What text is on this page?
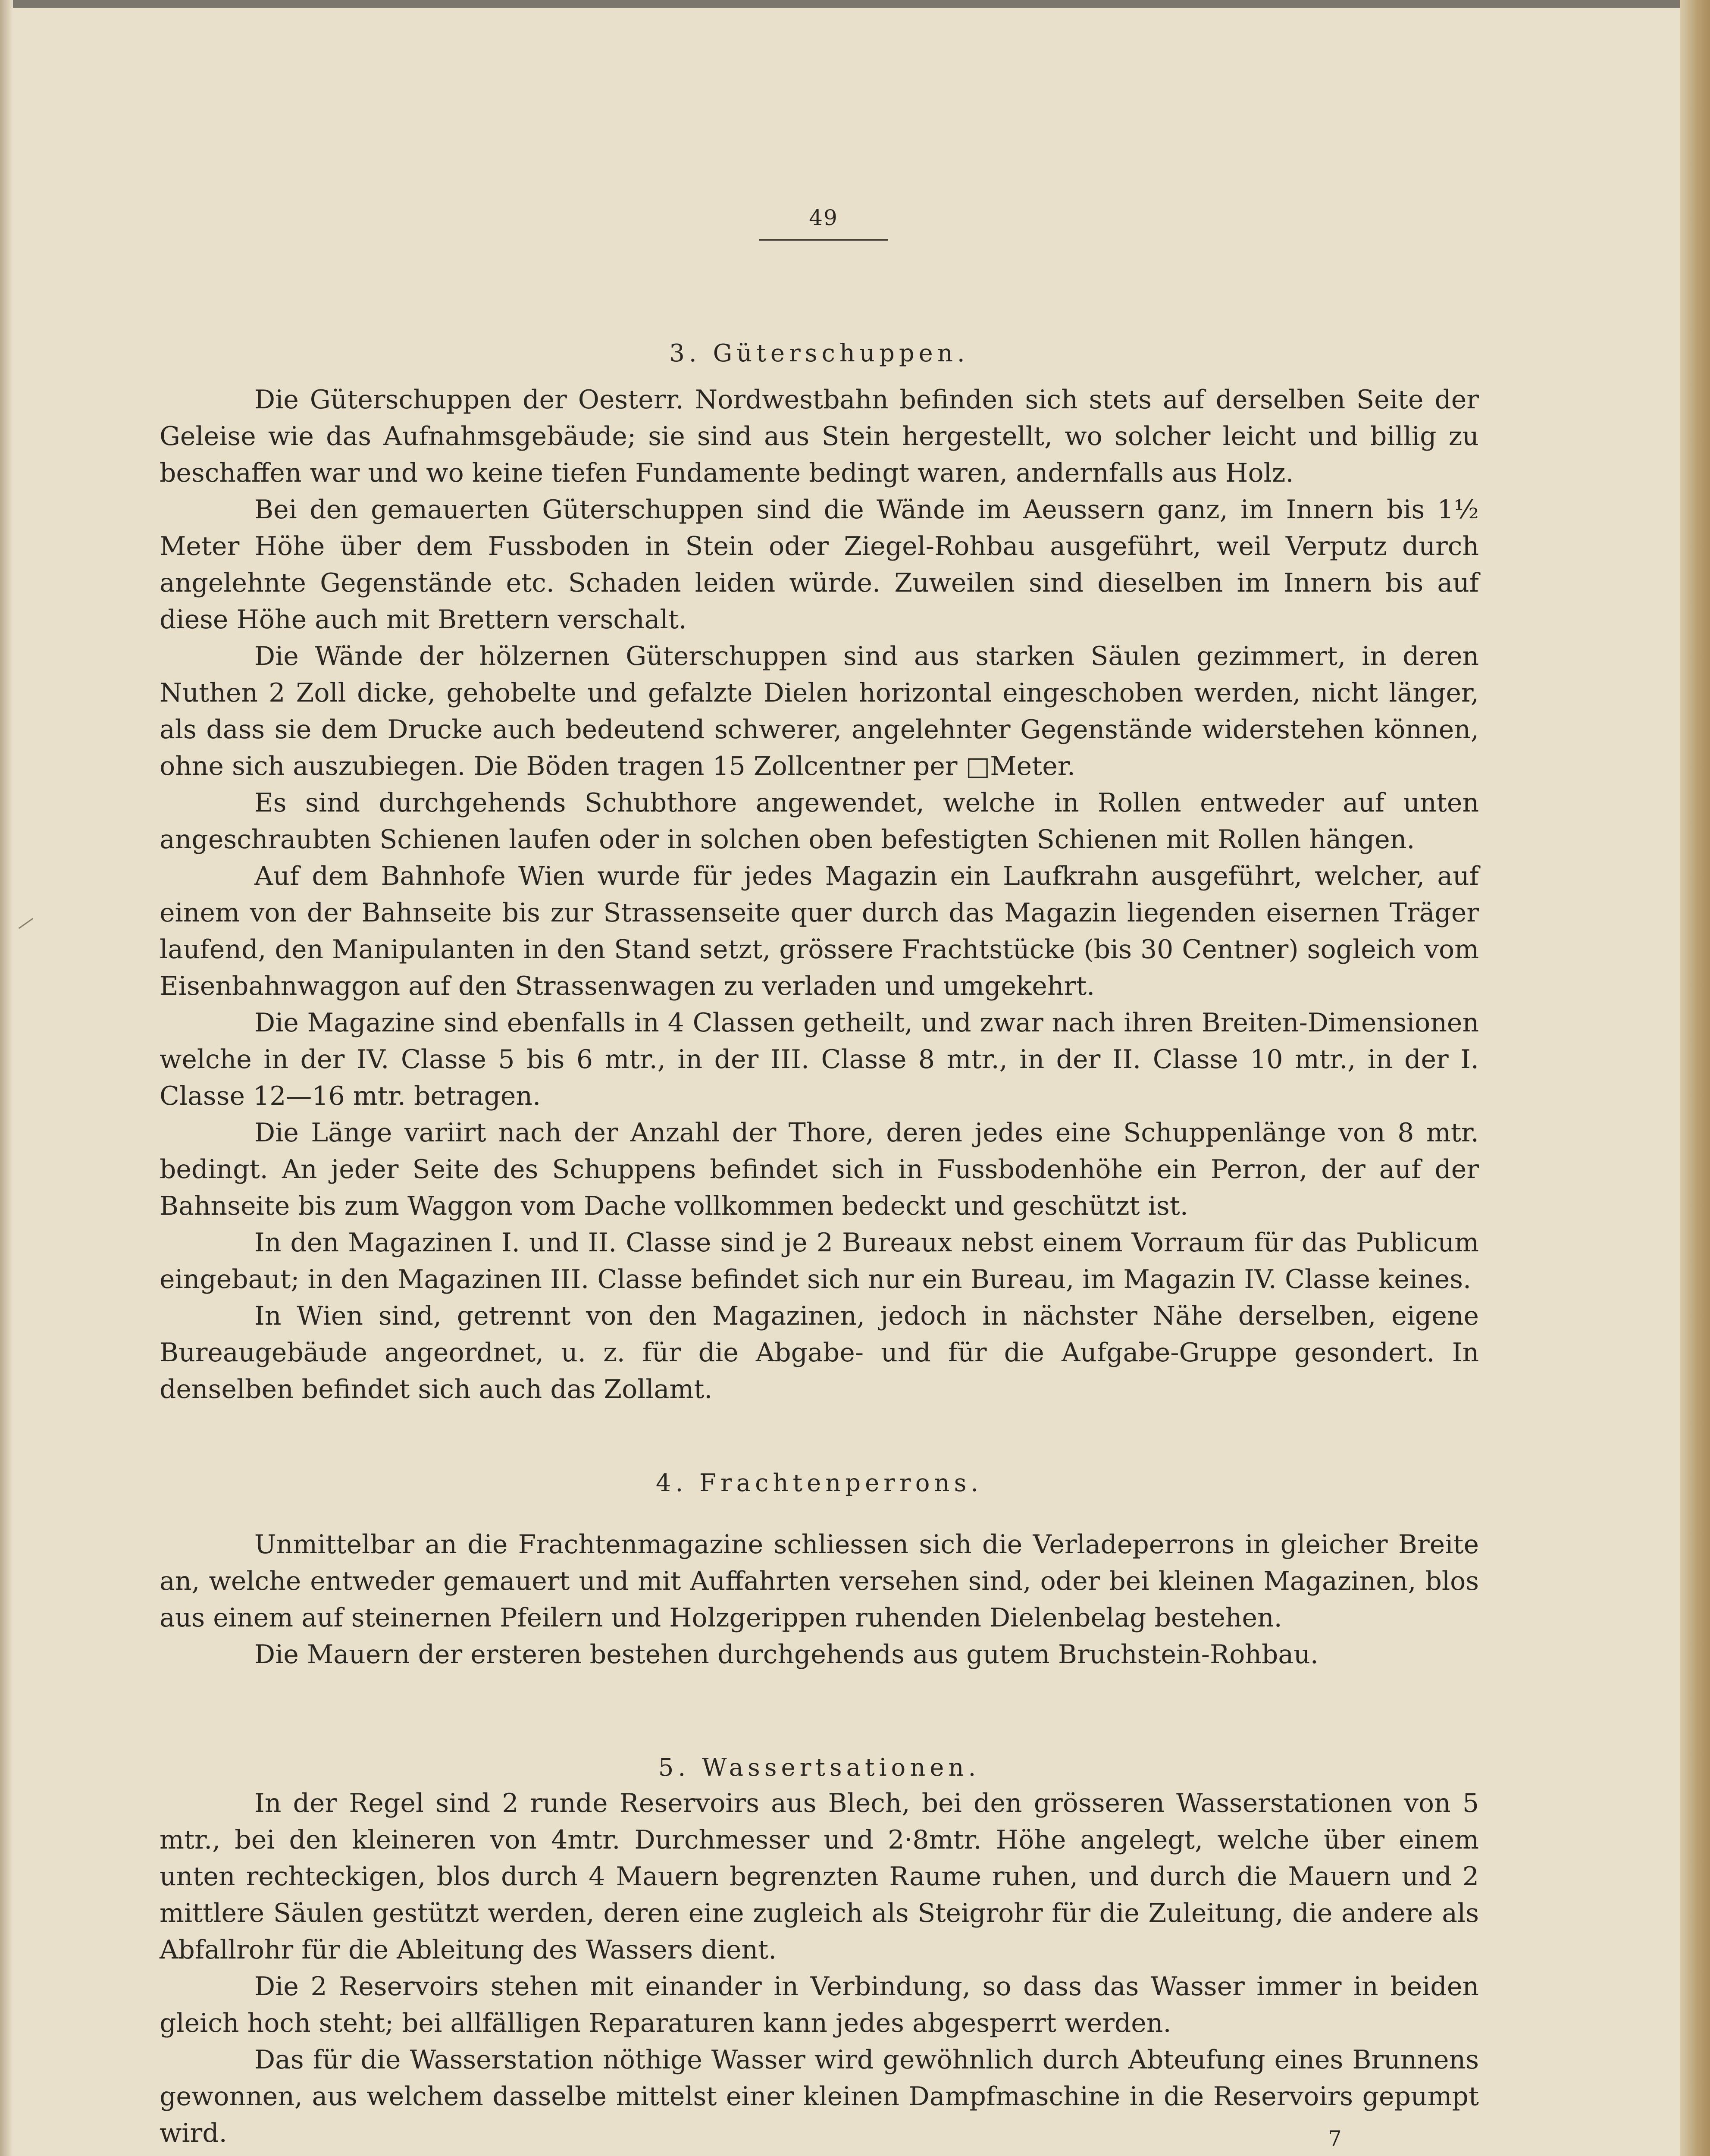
49
3. Güterschuppen.

Die Güterschuppen der Oesterr. Nordwestbahn befinden sich stets auf derselben Seite der Geleise wie das Aufnahmsgebäude; sie sind aus Stein hergestellt, wo solcher leicht und billig zu beschaffen war und wo keine tiefen Fundamente bedingt waren, andernfalls aus Holz.

Bei den gemauerten Güterschuppen sind die Wände im Aeussern ganz, im Innern bis 1½ Meter Höhe über dem Fussboden in Stein oder Ziegel-Rohbau ausgeführt, weil Verputz durch angelehnte Gegenstände etc. Schaden leiden würde. Zuweilen sind dieselben im Innern bis auf diese Höhe auch mit Brettern verschalt.

Die Wände der hölzernen Güterschuppen sind aus starken Säulen gezimmert, in deren Nuthen 2 Zoll dicke, gehobelte und gefalzte Dielen horizontal eingeschoben werden, nicht länger, als dass sie dem Drucke auch bedeutend schwerer, angelehnter Gegenstände widerstehen können, ohne sich auszubiegen. Die Böden tragen 15 Zollcentner per □Meter.

Es sind durchgehends Schubthore angewendet, welche in Rollen entweder auf unten angeschraubten Schienen laufen oder in solchen oben befestigten Schienen mit Rollen hängen.

Auf dem Bahnhofe Wien wurde für jedes Magazin ein Laufkrahn ausgeführt, welcher, auf einem von der Bahnseite bis zur Strassenseite quer durch das Magazin liegenden eisernen Träger laufend, den Manipulanten in den Stand setzt, grössere Frachtstücke (bis 30 Centner) sogleich vom Eisenbahnwaggon auf den Strassenwagen zu verladen und umgekehrt.

Die Magazine sind ebenfalls in 4 Classen getheilt, und zwar nach ihren Breiten-Dimensionen welche in der IV. Classe 5 bis 6 mtr., in der III. Classe 8 mtr., in der II. Classe 10 mtr., in der I. Classe 12—16 mtr. betragen.

Die Länge variirt nach der Anzahl der Thore, deren jedes eine Schuppenlänge von 8 mtr. bedingt. An jeder Seite des Schuppens befindet sich in Fussbodenhöhe ein Perron, der auf der Bahnseite bis zum Waggon vom Dache vollkommen bedeckt und geschützt ist.

In den Magazinen I. und II. Classe sind je 2 Bureaux nebst einem Vorraum für das Publicum eingebaut; in den Magazinen III. Classe befindet sich nur ein Bureau, im Magazin IV. Classe keines.

In Wien sind, getrennt von den Magazinen, jedoch in nächster Nähe derselben, eigene Bureaugebäude angeordnet, u. z. für die Abgabe- und für die Aufgabe-Gruppe gesondert. In denselben befindet sich auch das Zollamt.

4. Frachtenperrons.

Unmittelbar an die Frachtenmagazine schliessen sich die Verladeperrons in gleicher Breite an, welche entweder gemauert und mit Auffahrten versehen sind, oder bei kleinen Magazinen, blos aus einem auf steinernen Pfeilern und Holzgerippen ruhenden Dielenbelag bestehen.

Die Mauern der ersteren bestehen durchgehends aus gutem Bruchstein-Rohbau.

5. Wassertsationen.

In der Regel sind 2 runde Reservoirs aus Blech, bei den grösseren Wasserstationen von 5 mtr., bei den kleineren von 4mtr. Durchmesser und 2·8mtr. Höhe angelegt, welche über einem unten rechteckigen, blos durch 4 Mauern begrenzten Raume ruhen, und durch die Mauern und 2 mittlere Säulen gestützt werden, deren eine zugleich als Steigrohr für die Zuleitung, die andere als Abfallrohr für die Ableitung des Wassers dient.

Die 2 Reservoirs stehen mit einander in Verbindung, so dass das Wasser immer in beiden gleich hoch steht; bei allfälligen Reparaturen kann jedes abgesperrt werden.

Das für die Wasserstation nöthige Wasser wird gewöhnlich durch Abteufung eines Brunnens gewonnen, aus welchem dasselbe mittelst einer kleinen Dampfmaschine in die Reservoirs gepumpt wird.	7
